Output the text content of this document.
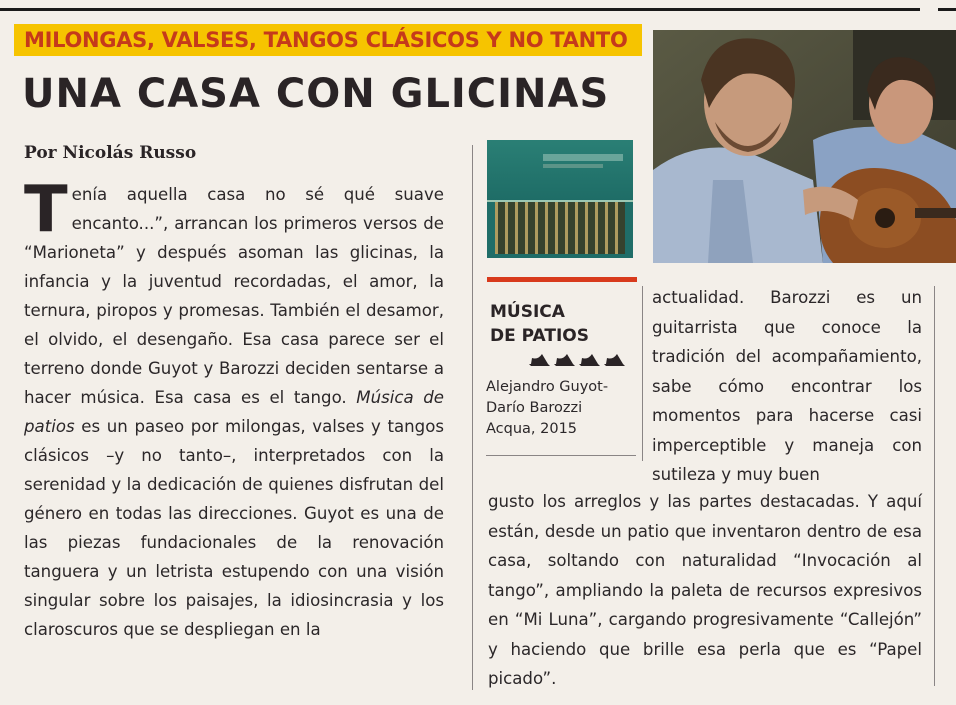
MILONGAS, VALSES, TANGOS CLÁSICOS Y NO TANTO
UNA CASA CON GLICINAS
Por Nicolás Russo
T enía aquella casa no sé qué suave encanto...”, arrancan los primeros versos de “Marioneta” y después asoman las glicinas, la infancia y la juventud recordadas, el amor, la ternura, piropos y promesas. También el desamor, el olvido, el desengaño. Esa casa parece ser el terreno donde Guyot y Barozzi deciden sentarse a hacer música. Esa casa es el tango. Música de patios es un paseo por milongas, valses y tangos clásicos –y no tanto–, interpretados con la serenidad y la dedicación de quienes disfrutan del género en todas las direcciones. Guyot es una de las piezas fundacionales de la renovación tanguera y un letrista estupendo con una visión singular sobre los paisajes, la idiosincrasia y los claroscuros que se despliegan en la
MÚSICA
DE PATIOS
Alejandro Guyot-
Darío Barozzi
Acqua, 2015
actualidad. Barozzi es un guitarrista que conoce la tradición del acompañamiento, sabe cómo encontrar los momentos para hacerse casi imperceptible y maneja con sutileza y muy buen
gusto los arreglos y las partes destacadas. Y aquí están, desde un patio que inventaron dentro de esa casa, soltando con naturalidad “Invocación al tango”, ampliando la paleta de recursos expresivos en “Mi Luna”, cargando progresivamente “Callejón” y haciendo que brille esa perla que es “Papel picado”.
